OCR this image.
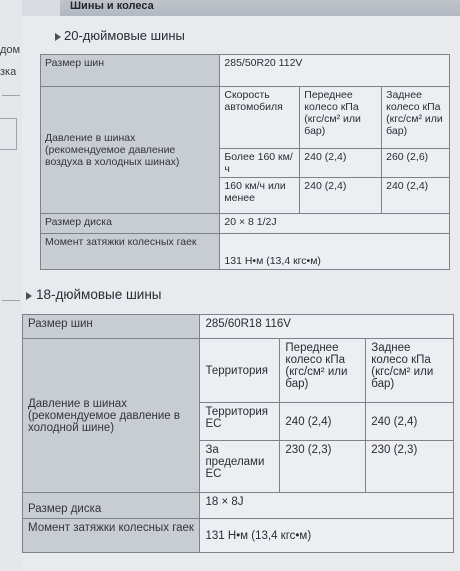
дом
зка
Шины и колеса
20-дюймовые шины
Размер шин	285/50R20 112V		
Давление в шинах (рекомендуемое давление воздуха в холодных шинах)	Скорость автомобиля	Переднее колесо кПа (кгс/см² или бар)	Заднее колесо кПа (кгс/см² или бар)
	Более 160 км/ч	240 (2,4)	260 (2,6)
	160 км/ч или менее	240 (2,4)	240 (2,4)
Размер диска	20 × 8 1/2J		
Момент затяжки колесных гаек	131 Н•м (13,4 кгс•м)		
18-дюймовые шины
Размер шин	285/60R18 116V		
Давление в шинах (рекомендуемое давление в холодной шине)	Территория	Переднее колесо кПа (кгс/см² или бар)	Заднее колесо кПа (кгс/см² или бар)
	Территория ЕС	240 (2,4)	240 (2,4)
	За пределами ЕС	230 (2,3)	230 (2,3)
Размер диска	18 × 8J		
Момент затяжки колесных гаек	131 Н•м (13,4 кгс•м)		
